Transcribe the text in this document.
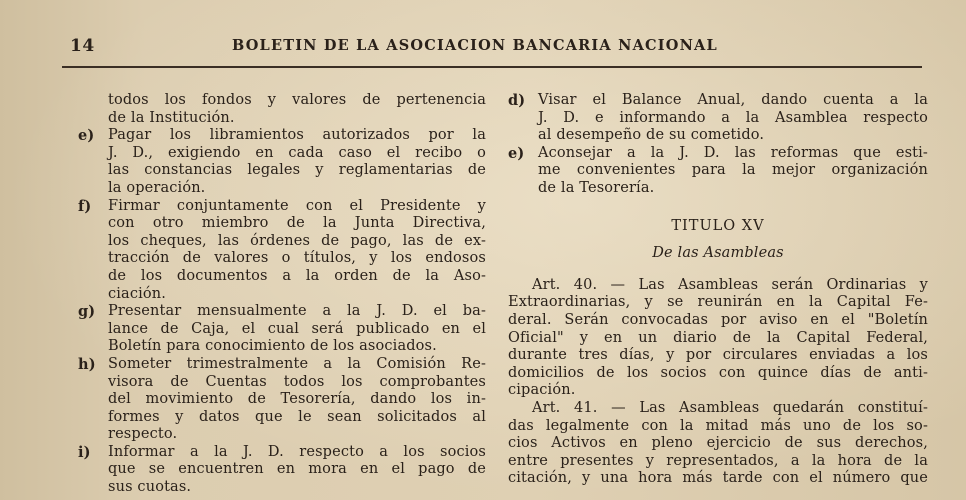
14	BOLETIN DE LA ASOCIACION BANCARIA NACIONAL
todos los fondos y valores de pertenencia
de la Institución.
e) Pagar los libramientos autorizados por la
J. D., exigiendo en cada caso el recibo o
las constancias legales y reglamentarias de
la operación.
f) Firmar conjuntamente con el Presidente y
con otro miembro de la Junta Directiva,
los cheques, las órdenes de pago, las de ex-
tracción de valores o títulos, y los endosos
de los documentos a la orden de la Aso-
ciación.
g) Presentar mensualmente a la J. D. el ba-
lance de Caja, el cual será publicado en el
Boletín para conocimiento de los asociados.
h) Someter trimestralmente a la Comisión Re-
visora de Cuentas todos los comprobantes
del movimiento de Tesorería, dando los in-
formes y datos que le sean solicitados al
respecto.
i) Informar a la J. D. respecto a los socios
que se encuentren en mora en el pago de
sus cuotas.
d) Visar el Balance Anual, dando cuenta a la
J. D. e informando a la Asamblea respecto
al desempeño de su cometido.
e) Aconsejar a la J. D. las reformas que esti-
me convenientes para la mejor organización
de la Tesorería.
TITULO XV
De las Asambleas
Art. 40. — Las Asambleas serán Ordinarias y
Extraordinarias, y se reunirán en la Capital Fe-
deral. Serán convocadas por aviso en el "Boletín
Oficial" y en un diario de la Capital Federal,
durante tres días, y por circulares enviadas a los
domicilios de los socios con quince días de anti-
cipación.
Art. 41. — Las Asambleas quedarán constituí-
das legalmente con la mitad más uno de los so-
cios Activos en pleno ejercicio de sus derechos,
entre presentes y representados, a la hora de la
citación, y una hora más tarde con el número que
